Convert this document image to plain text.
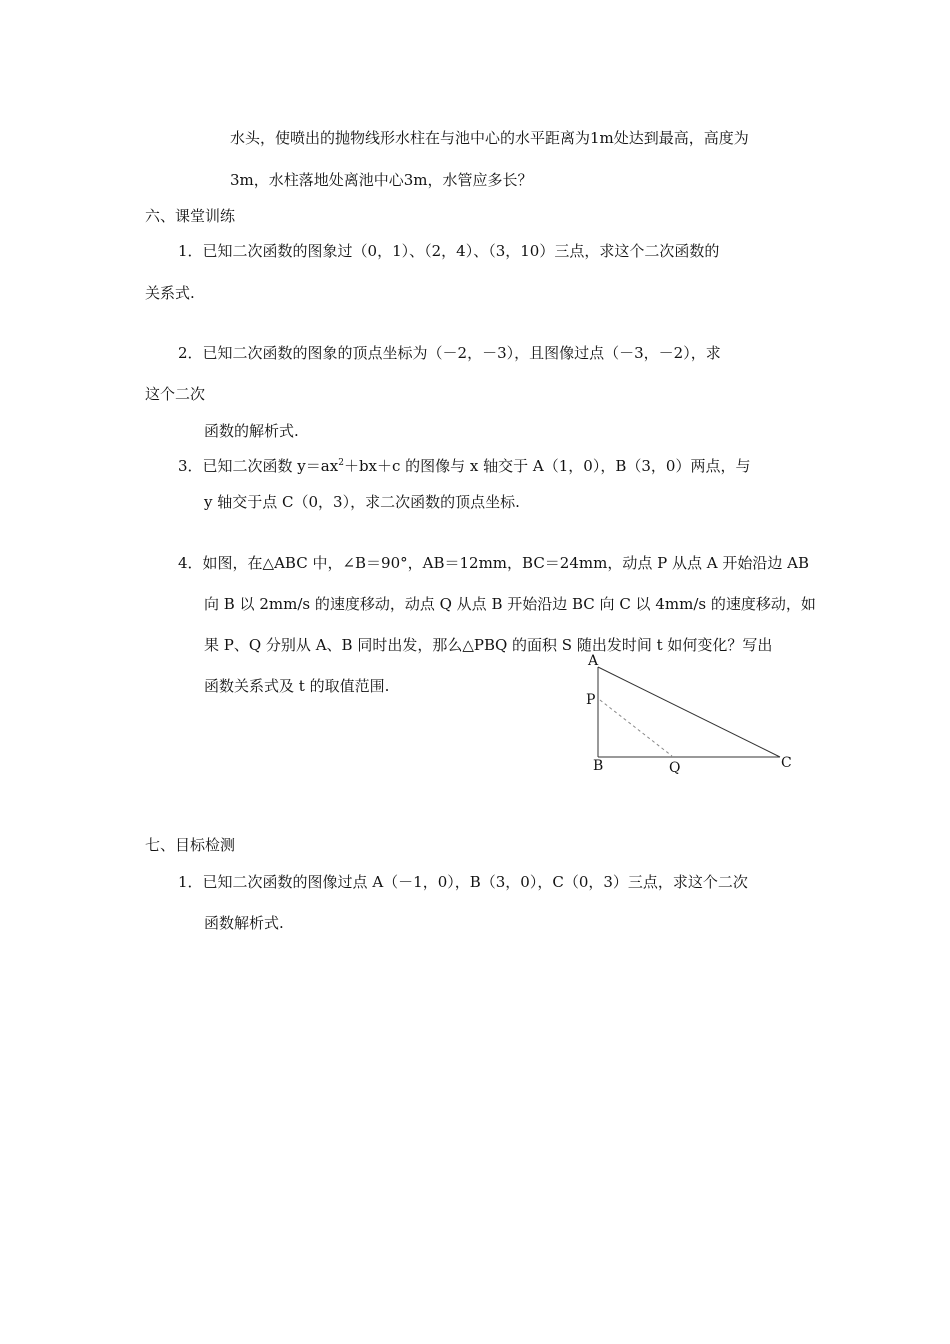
水头，使喷出的抛物线形水柱在与池中心的水平距离为1m处达到最高，高度为
3m，水柱落地处离池中心3m，水管应多长？
六、课堂训练
1．已知二次函数的图象过（0，1）、（2，4）、（3，10）三点，求这个二次函数的
关系式.
2．已知二次函数的图象的顶点坐标为（－2，－3），且图像过点（－3，－2），求
这个二次
函数的解析式.
3．已知二次函数 $y=ax^2+bx+c$ 的图像与 x 轴交于 A（1，0），B（3，0）两点，与
y 轴交于点 C（0，3），求二次函数的顶点坐标.
4．如图，在△ABC 中，∠B＝90°，AB＝12mm，BC＝24mm，动点 P 从点 A 开始沿边 AB
向 B 以 2mm/s 的速度移动，动点 Q 从点 B 开始沿边 BC 向 C 以 4mm/s 的速度移动，如
果 P、Q 分别从 A、B 同时出发，那么△PBQ 的面积 S 随出发时间 t 如何变化？写出
函数关系式及 t 的取值范围.
A
P
B	Q	C
七、目标检测
1．已知二次函数的图像过点 A（－1，0），B（3，0），C（0，3）三点，求这个二次
函数解析式.
